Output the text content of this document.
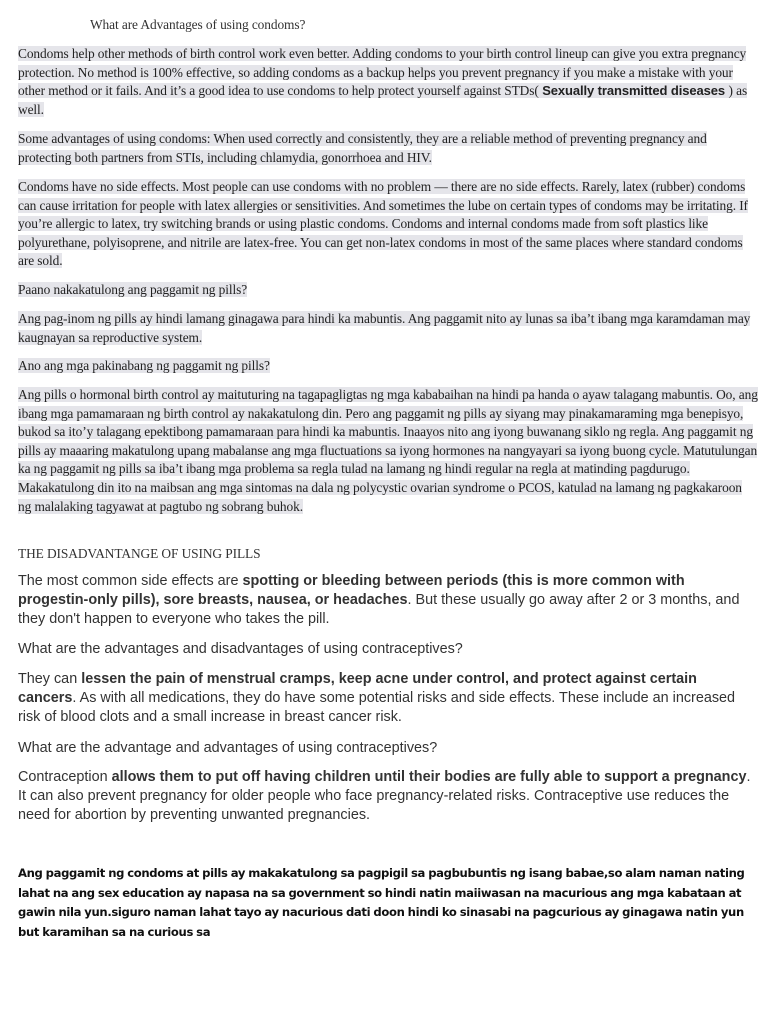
What are Advantages of using condoms?
Condoms help other methods of birth control work even better. Adding condoms to your birth control lineup can give you extra pregnancy protection. No method is 100% effective, so adding condoms as a backup helps you prevent pregnancy if you make a mistake with your other method or it fails. And it’s a good idea to use condoms to help protect yourself against STDs( Sexually transmitted diseases ) as well.
Some advantages of using condoms: When used correctly and consistently, they are a reliable method of preventing pregnancy and protecting both partners from STIs, including chlamydia, gonorrhoea and HIV.
Condoms have no side effects. Most people can use condoms with no problem — there are no side effects. Rarely, latex (rubber) condoms can cause irritation for people with latex allergies or sensitivities. And sometimes the lube on certain types of condoms may be irritating. If you’re allergic to latex, try switching brands or using plastic condoms. Condoms and internal condoms made from soft plastics like polyurethane, polyisoprene, and nitrile are latex-free. You can get non-latex condoms in most of the same places where standard condoms are sold.
Paano nakakatulong ang paggamit ng pills?
Ang pag-inom ng pills ay hindi lamang ginagawa para hindi ka mabuntis. Ang paggamit nito ay lunas sa iba’t ibang mga karamdaman may kaugnayan sa reproductive system.
Ano ang mga pakinabang ng paggamit ng pills?
Ang pills o hormonal birth control ay maituturing na tagapagligtas ng mga kababaihan na hindi pa handa o ayaw talagang mabuntis. Oo, ang ibang mga pamamaraan ng birth control ay nakakatulong din. Pero ang paggamit ng pills ay siyang may pinakamaraming mga benepisyo, bukod sa ito’y talagang epektibong pamamaraan para hindi ka mabuntis. Inaayos nito ang iyong buwanang siklo ng regla. Ang paggamit ng pills ay maaaring makatulong upang mabalanse ang mga fluctuations sa iyong hormones na nangyayari sa iyong buong cycle. Matutulungan ka ng paggamit ng pills sa iba’t ibang mga problema sa regla tulad na lamang ng hindi regular na regla at matinding pagdurugo. Makakatulong din ito na maibsan ang mga sintomas na dala ng polycystic ovarian syndrome o PCOS, katulad na lamang ng pagkakaroon ng malalaking tagyawat at pagtubo ng sobrang buhok.
THE DISADVANTANGE OF USING PILLS
The most common side effects are spotting or bleeding between periods (this is more common with progestin-only pills), sore breasts, nausea, or headaches. But these usually go away after 2 or 3 months, and they don't happen to everyone who takes the pill.
What are the advantages and disadvantages of using contraceptives?
They can lessen the pain of menstrual cramps, keep acne under control, and protect against certain cancers. As with all medications, they do have some potential risks and side effects. These include an increased risk of blood clots and a small increase in breast cancer risk.
What are the advantage and advantages of using contraceptives?
Contraception allows them to put off having children until their bodies are fully able to support a pregnancy. It can also prevent pregnancy for older people who face pregnancy-related risks. Contraceptive use reduces the need for abortion by preventing unwanted pregnancies.
Ang paggamit ng condoms at pills ay makakatulong sa pagpigil sa pagbubuntis ng isang babae,so alam naman nating lahat na ang sex education ay napasa na sa government so hindi natin maiiwasan na macurious ang mga kabataan at gawin nila yun.siguro naman lahat tayo ay nacurious dati doon hindi ko sinasabi na pagcurious ay ginagawa natin yun but karamihan sa na curious sa
